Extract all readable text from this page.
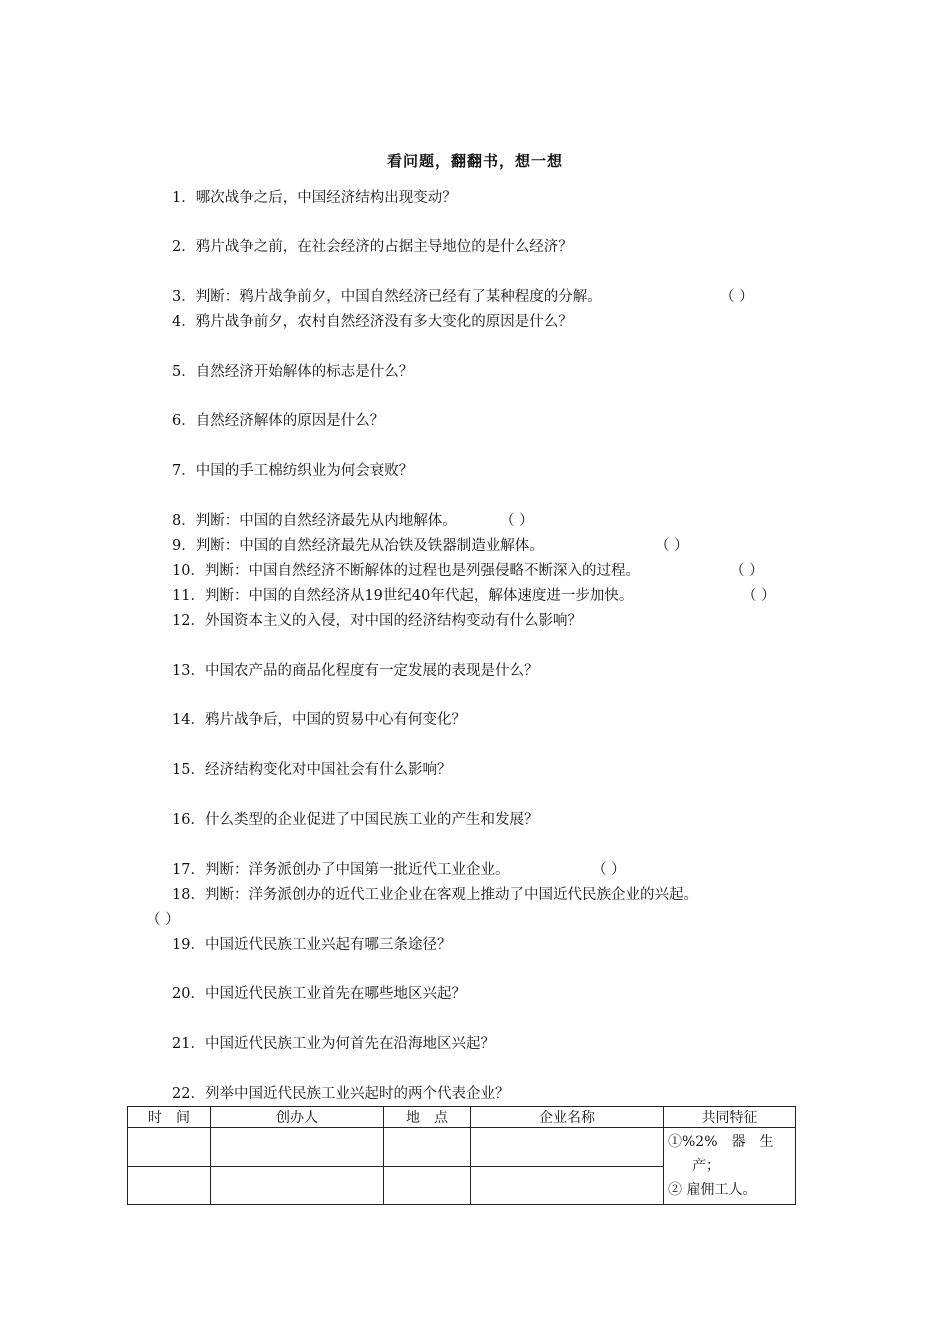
看问题，翻翻书，想一想
1．哪次战争之后，中国经济结构出现变动？
2．鸦片战争之前，在社会经济的占据主导地位的是什么经济？
3．判断：鸦片战争前夕，中国自然经济已经有了某种程度的分解。	（ ）
4．鸦片战争前夕，农村自然经济没有多大变化的原因是什么？
5．自然经济开始解体的标志是什么？
6．自然经济解体的原因是什么？
7．中国的手工棉纺织业为何会衰败？
8．判断：中国的自然经济最先从内地解体。	（ ）
9．判断：中国的自然经济最先从冶铁及铁器制造业解体。	（ ）
10．判断：中国自然经济不断解体的过程也是列强侵略不断深入的过程。	（ ）
11．判断：中国的自然经济从19世纪40年代起，解体速度进一步加快。	（ ）
12．外国资本主义的入侵，对中国的经济结构变动有什么影响？
13．中国农产品的商品化程度有一定发展的表现是什么？
14．鸦片战争后，中国的贸易中心有何变化？
15．经济结构变化对中国社会有什么影响？
16．什么类型的企业促进了中国民族工业的产生和发展？
17．判断：洋务派创办了中国第一批近代工业企业。	（ ）
18．判断：洋务派创办的近代工业企业在客观上推动了中国近代民族企业的兴起。
（ ）
19．中国近代民族工业兴起有哪三条途径？
20．中国近代民族工业首先在哪些地区兴起？
21．中国近代民族工业为何首先在沿海地区兴起？
22．列举中国近代民族工业兴起时的两个代表企业？
时　间	创办人	地　点	企业名称	共同特征

				①%2%　器　生
产；
② 雇佣工人。
